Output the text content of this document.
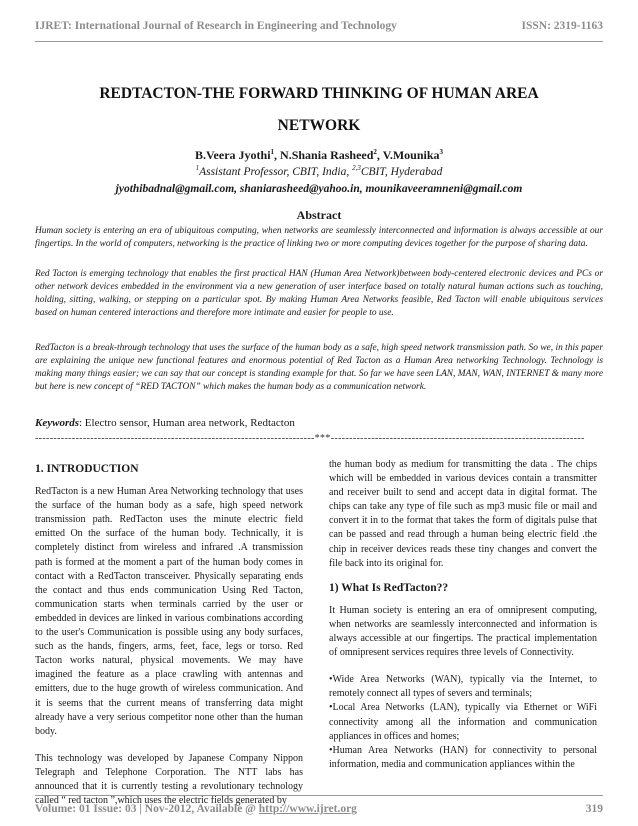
IJRET: International Journal of Research in Engineering and Technology	ISSN: 2319-1163
REDTACTON-THE FORWARD THINKING OF HUMAN AREA
NETWORK
B.Veera Jyothi$^1$, N.Shania Rasheed$^2$, V.Mounika$^3$
$^1$Assistant Professor, CBIT, India, $^{2,3}$CBIT, Hyderabad
jyothibadnal@gmail.com, shaniarasheed@yahoo.in, mounikaveeramneni@gmail.com
Abstract

Human society is entering an era of ubiquitous computing, when networks are seamlessly interconnected and information is always accessible at our fingertips. In the world of computers, networking is the practice of linking two or more computing devices together for the purpose of sharing data.

Red Tacton is emerging technology that enables the first practical HAN (Human Area Network)between body-centered electronic devices and PCs or other network devices embedded in the environment via a new generation of user interface based on totally natural human actions such as touching, holding, sitting, walking, or stepping on a particular spot. By making Human Area Networks feasible, Red Tacton will enable ubiquitous services based on human centered interactions and therefore more intimate and easier for people to use.

RedTacton is a break-through technology that uses the surface of the human body as a safe, high speed network transmission path. So we, in this paper are explaining the unique new functional features and enormous potential of Red Tacton as a Human Area networking Technology. Technology is making many things easier; we can say that our concept is standing example for that. So far we have seen LAN, MAN, WAN, INTERNET & many more but here is new concept of “RED TACTON” which makes the human body as a communication network.

Keywords: Electro sensor, Human area network, Redtacton
----------------------------------------------------------------------------***---------------------------------------------------------------------
1. INTRODUCTION

RedTacton is a new Human Area Networking technology that uses the surface of the human body as a safe, high speed network transmission path. RedTacton uses the minute electric field emitted On the surface of the human body. Technically, it is completely distinct from wireless and infrared .A transmission path is formed at the moment a part of the human body comes in contact with a RedTacton transceiver. Physically separating ends the contact and thus ends communication Using Red Tacton, communication starts when terminals carried by the user or embedded in devices are linked in various combinations according to the user's Communication is possible using any body surfaces, such as the hands, fingers, arms, feet, face, legs or torso. Red Tacton works natural, physical movements. We may have imagined the feature as a place crawling with antennas and emitters, due to the huge growth of wireless communication. And it is seems that the current means of transferring data might already have a very serious competitor none other than the human body.

This technology was developed by Japanese Company Nippon Telegraph and Telephone Corporation. The NTT labs has announced that it is currently testing a revolutionary technology called “ red tacton ”,which uses the electric fields generated by

the human body as medium for transmitting the data . The chips which will be embedded in various devices contain a transmitter and receiver built to send and accept data in digital format. The chips can take any type of file such as mp3 music file or mail and convert it in to the format that takes the form of digitals pulse that can be passed and read through a human being electric field .the chip in receiver devices reads these tiny changes and convert the file back into its original for.

1) What Is RedTacton??

It Human society is entering an era of omnipresent computing, when networks are seamlessly interconnected and information is always accessible at our fingertips. The practical implementation of omnipresent services requires three levels of Connectivity.

•Wide Area Networks (WAN), typically via the Internet, to remotely connect all types of severs and terminals;
•Local Area Networks (LAN), typically via Ethernet or WiFi connectivity among all the information and communication appliances in offices and homes;
•Human Area Networks (HAN) for connectivity to personal information, media and communication appliances within the
Volume: 01 Issue: 03 | Nov-2012, Available @ http://www.ijret.org	319
